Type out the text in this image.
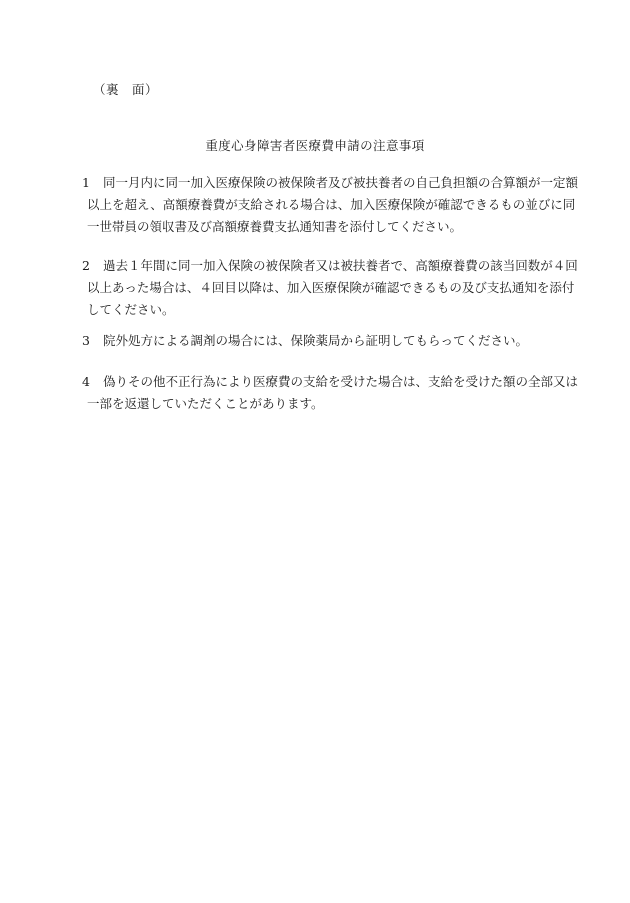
（裏　面）
重度心身障害者医療費申請の注意事項
1 同一月内に同一加入医療保険の被保険者及び被扶養者の自己負担額の合算額が一定額
以上を超え、高額療養費が支給される場合は、加入医療保険が確認できるもの並びに同
一世帯員の領収書及び高額療養費支払通知書を添付してください。
2 過去１年間に同一加入保険の被保険者又は被扶養者で、高額療養費の該当回数が４回
以上あった場合は、４回目以降は、加入医療保険が確認できるもの及び支払通知を添付
してください。
3 院外処方による調剤の場合には、保険薬局から証明してもらってください。
4 偽りその他不正行為により医療費の支給を受けた場合は、支給を受けた額の全部又は
一部を返還していただくことがあります。
